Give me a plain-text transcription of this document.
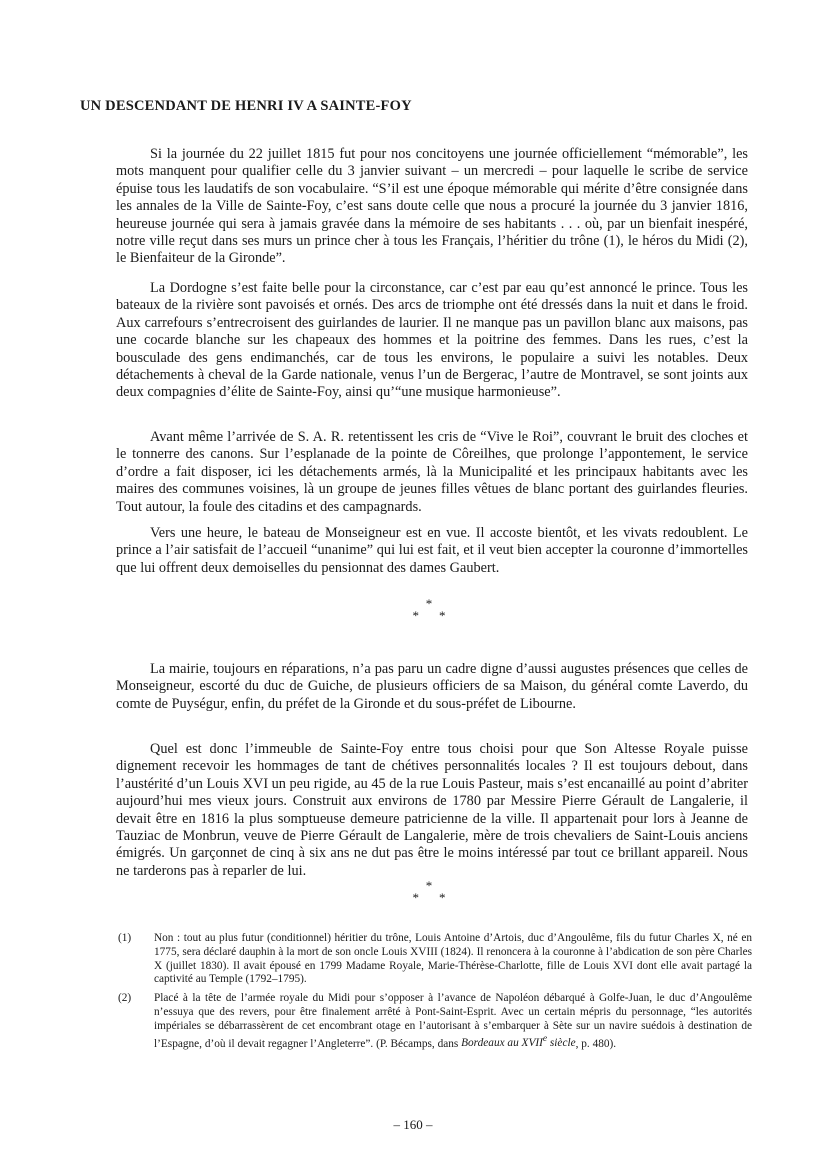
UN DESCENDANT DE HENRI IV A SAINTE-FOY

Si la journée du 22 juillet 1815 fut pour nos concitoyens une journée officiellement “mémorable”, les mots manquent pour qualifier celle du 3 janvier suivant – un mercredi – pour laquelle le scribe de service épuise tous les laudatifs de son vocabulaire. “S’il est une époque mémorable qui mérite d’être consignée dans les annales de la Ville de Sainte-Foy, c’est sans doute celle que nous a procuré la journée du 3 janvier 1816, heureuse journée qui sera à jamais gravée dans la mémoire de ses habitants . . . où, par un bienfait inespéré, notre ville reçut dans ses murs un prince cher à tous les Français, l’héritier du trône (1), le héros du Midi (2), le Bienfaiteur de la Gironde”.

La Dordogne s’est faite belle pour la circonstance, car c’est par eau qu’est annoncé le prince. Tous les bateaux de la rivière sont pavoisés et ornés. Des arcs de triomphe ont été dressés dans la nuit et dans le froid. Aux carrefours s’entrecroisent des guirlandes de laurier. Il ne manque pas un pavillon blanc aux maisons, pas une cocarde blanche sur les chapeaux des hommes et la poitrine des femmes. Dans les rues, c’est la bousculade des gens endimanchés, car de tous les environs, le populaire a suivi les notables. Deux détachements à cheval de la Garde nationale, venus l’un de Bergerac, l’autre de Montravel, se sont joints aux deux compagnies d’élite de Sainte-Foy, ainsi qu’“une musique harmonieuse”.

Avant même l’arrivée de S. A. R. retentissent les cris de “Vive le Roi”, couvrant le bruit des cloches et le tonnerre des canons. Sur l’esplanade de la pointe de Côreilhes, que prolonge l’appontement, le service d’ordre a fait disposer, ici les détachements armés, là la Municipalité et les principaux habitants avec les maires des communes voisines, là un groupe de jeunes filles vêtues de blanc portant des guirlandes fleuries. Tout autour, la foule des citadins et des campagnards.

Vers une heure, le bateau de Monseigneur est en vue. Il accoste bientôt, et les vivats redoublent. Le prince a l’air satisfait de l’accueil “unanime” qui lui est fait, et il veut bien accepter la couronne d’immortelles que lui offrent deux demoiselles du pensionnat des dames Gaubert.

*
* *

La mairie, toujours en réparations, n’a pas paru un cadre digne d’aussi augustes présences que celles de Monseigneur, escorté du duc de Guiche, de plusieurs officiers de sa Maison, du général comte Laverdo, du comte de Puységur, enfin, du préfet de la Gironde et du sous-préfet de Libourne.

Quel est donc l’immeuble de Sainte-Foy entre tous choisi pour que Son Altesse Royale puisse dignement recevoir les hommages de tant de chétives personnalités locales ? Il est toujours debout, dans l’austérité d’un Louis XVI un peu rigide, au 45 de la rue Louis Pasteur, mais s’est encanaillé au point d’abriter aujourd’hui mes vieux jours. Construit aux environs de 1780 par Messire Pierre Gérault de Langalerie, il devait être en 1816 la plus somptueuse demeure patricienne de la ville. Il appartenait pour lors à Jeanne de Tauziac de Monbrun, veuve de Pierre Gérault de Langalerie, mère de trois chevaliers de Saint-Louis anciens émigrés. Un garçonnet de cinq à six ans ne dut pas être le moins intéressé par tout ce brillant appareil. Nous ne tarderons pas à reparler de lui.

*
* *
(1)	Non : tout au plus futur (conditionnel) héritier du trône, Louis Antoine d’Artois, duc d’Angoulême, fils du futur Charles X, né en 1775, sera déclaré dauphin à la mort de son oncle Louis XVIII (1824). Il renoncera à la couronne à l’abdication de son père Charles X (juillet 1830). Il avait épousé en 1799 Madame Royale, Marie-Thérèse-Charlotte, fille de Louis XVI dont elle avait partagé la captivité au Temple (1792–1795).
(2)	Placé à la tête de l’armée royale du Midi pour s’opposer à l’avance de Napoléon débarqué à Golfe-Juan, le duc d’Angoulême n’essuya que des revers, pour être finalement arrêté à Pont-Saint-Esprit. Avec un certain mépris du personnage, “les autorités impériales se débarrassèrent de cet encombrant otage en l’autorisant à s’embarquer à Sète sur un navire suédois à destination de l’Espagne, d’où il devait regagner l’Angleterre”. (P. Bécamps, dans Bordeaux au XVIIe siècle, p. 480).
– 160 –
